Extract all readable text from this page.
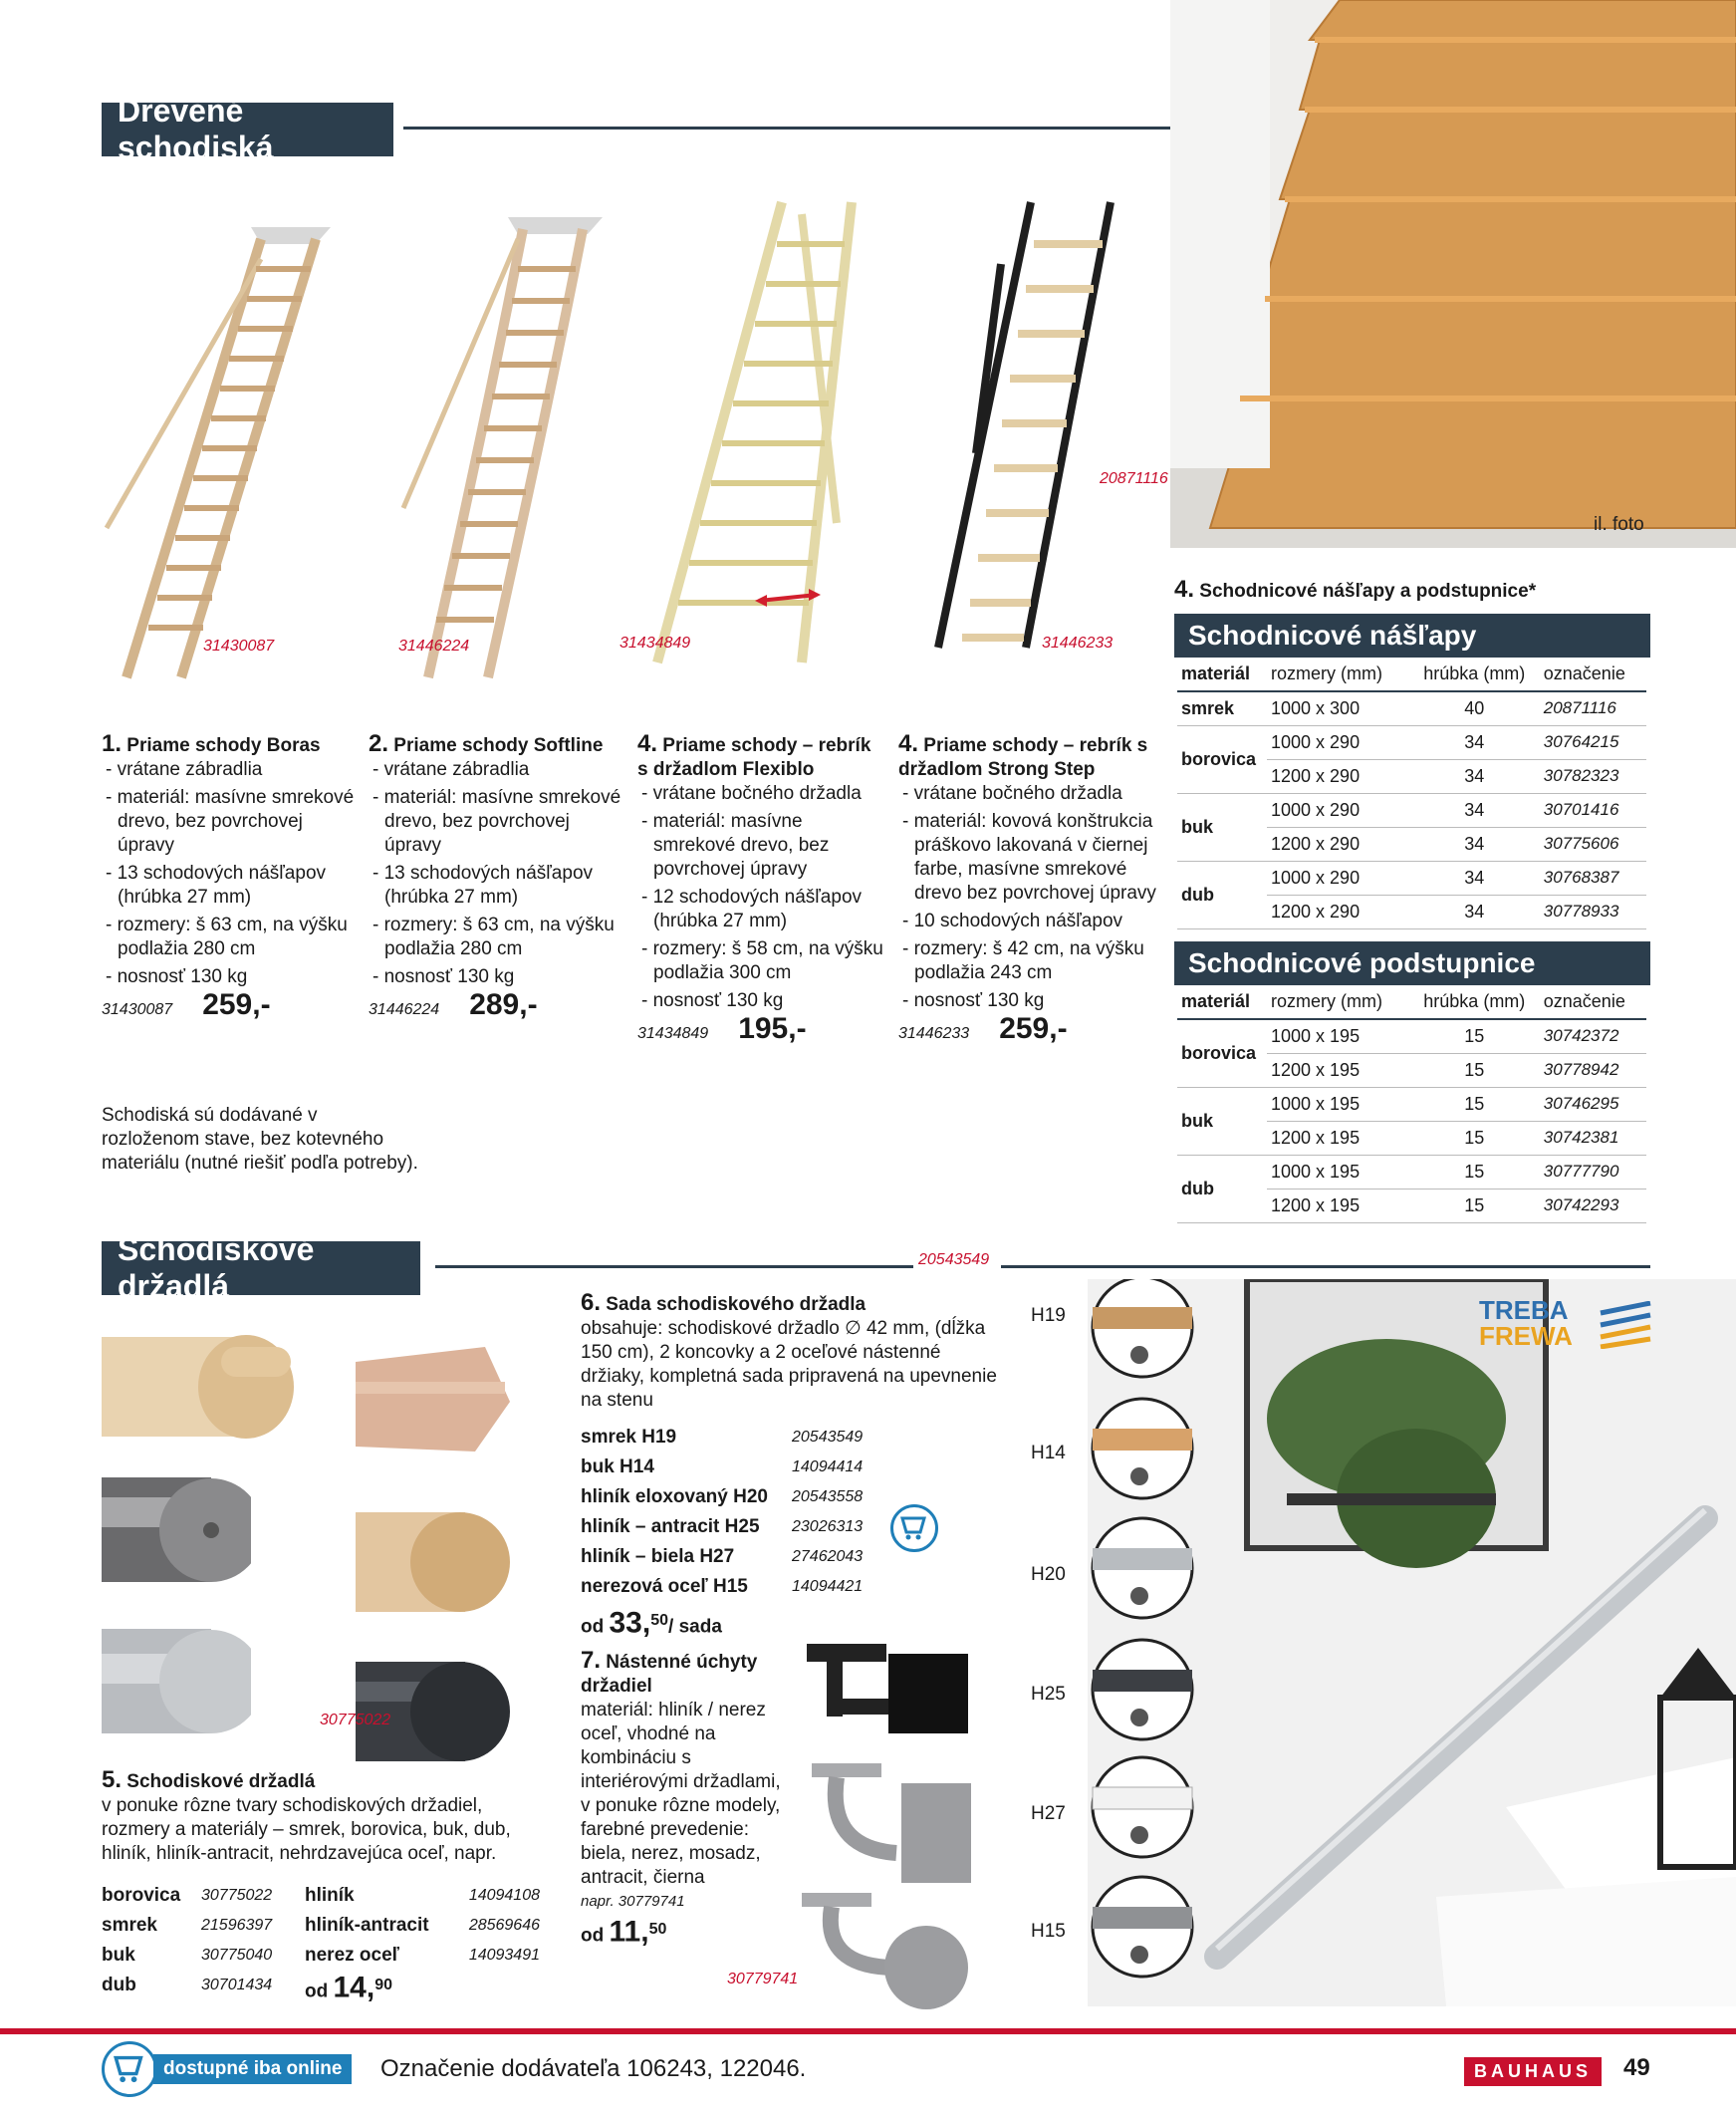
Drevené schodiská
il. foto
20871116
31430087	31446224	31434849	31446233
1. Priame schody Boras
- vrátane zábradlia
- materiál: masívne smrekové drevo, bez povrchovej úpravy
- 13 schodových nášľapov (hrúbka 27 mm)
- rozmery: š 63 cm, na výšku podlažia 280 cm
- nosnosť 130 kg
31430087 259,-
2. Priame schody Softline
- vrátane zábradlia
- materiál: masívne smrekové drevo, bez povrchovej úpravy
- 13 schodových nášľapov (hrúbka 27 mm)
- rozmery: š 63 cm, na výšku podlažia 280 cm
- nosnosť 130 kg
31446224 289,-
4. Priame schody – rebrík s držadlom Flexiblo
- vrátane bočného držadla
- materiál: masívne smrekové drevo, bez povrchovej úpravy
- 12 schodových nášľapov (hrúbka 27 mm)
- rozmery: š 58 cm, na výšku podlažia 300 cm
- nosnosť 130 kg
31434849 195,-
4. Priame schody – rebrík s držadlom Strong Step
- vrátane bočného držadla
- materiál: kovová konštrukcia práškovo lakovaná v čiernej farbe, masívne smrekové drevo bez povrchovej úpravy
- 10 schodových nášľapov
- rozmery: š 42 cm, na výšku podlažia 243 cm
- nosnosť 130 kg
31446233 259,-
Schodiská sú dodávané v rozloženom stave, bez kotevného materiálu (nutné riešiť podľa potreby).
4. Schodnicové nášľapy a podstupnice*
Schodnicové nášľapy
materiál	rozmery (mm)	hrúbka (mm)	označenie
smrek	1000 x 300	40	20871116
borovica	1000 x 290	34	30764215
	1200 x 290	34	30782323
buk	1000 x 290	34	30701416
	1200 x 290	34	30775606
dub	1000 x 290	34	30768387
	1200 x 290	34	30778933
Schodnicové podstupnice
materiál	rozmery (mm)	hrúbka (mm)	označenie
borovica	1000 x 195	15	30742372
	1200 x 195	15	30778942
buk	1000 x 195	15	30746295
	1200 x 195	15	30742381
dub	1000 x 195	15	30777790
	1200 x 195	15	30742293
Schodiskové držadlá
20543549
30775022
5. Schodiskové držadlá
v ponuke rôzne tvary schodiskových držadiel, rozmery a materiály – smrek, borovica, buk, dub, hliník, hliník-antracit, nehrdzavejúca oceľ, napr.
borovica	30775022
smrek	21596397
buk	30775040
dub	30701434
hliník	14094108
hliník-antracit	28569646
nerez oceľ	14093491
od 14,90
6. Sada schodiskového držadla
obsahuje: schodiskové držadlo ∅ 42 mm, (dĺžka 150 cm), 2 koncovky a 2 oceľové nástenné držiaky, kompletná sada pripravená na upevnenie na stenu
smrek H19	20543549
buk H14	14094414
hliník eloxovaný H20	20543558
hliník – antracit H25	23026313
hliník – biela H27	27462043
nerezová oceľ H15	14094421
od 33,50/ sada
7. Nástenné úchyty držadiel
materiál: hliník / nerez oceľ, vhodné na kombináciu s interiérovými držadlami, v ponuke rôzne modely, farebné prevedenie: biela, nerez, mosadz, antracit, čierna
napr. 30779741
od 11,50
30779741
H19
H14
H20
H25
H27
H15
TREBA
FREWA
dostupné iba online	Označenie dodávateľa 106243, 122046.	BAUHAUS	49
